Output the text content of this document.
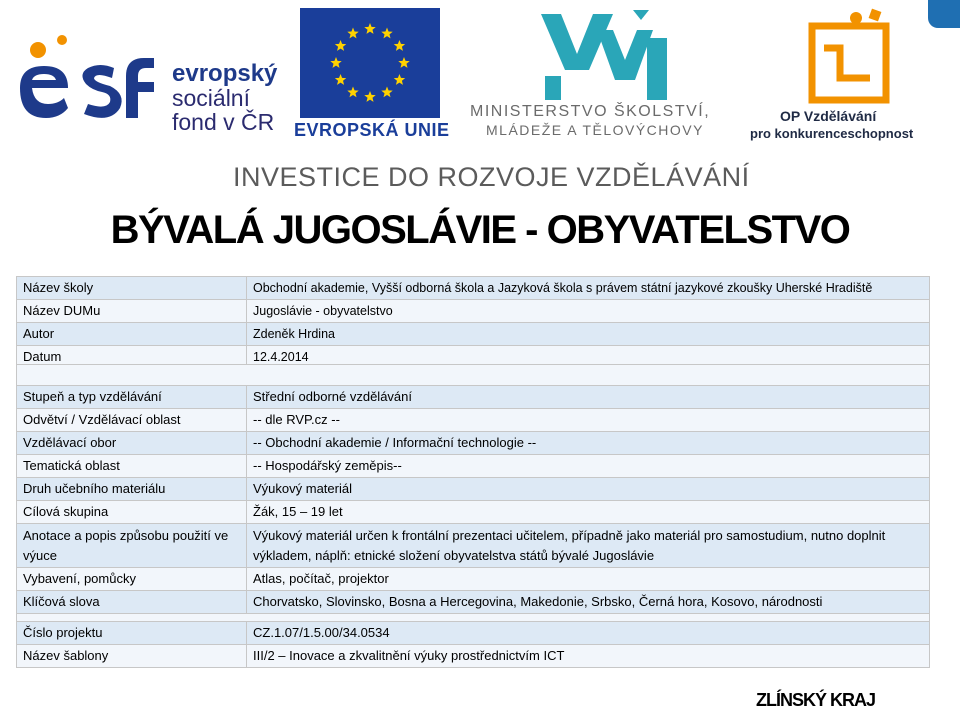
evropský
sociální
fond v ČR EVROPSKÁ UNIE
MINISTERSTVO ŠKOLSTVÍ,
MLÁDEŽE A TĚLOVÝCHOVY
OP Vzdělávání
pro konkurenceschopnost
INVESTICE DO ROZVOJE VZDĚLÁVÁNÍ
BÝVALÁ JUGOSLÁVIE - OBYVATELSTVO
Název školy	Obchodní akademie, Vyšší odborná škola a Jazyková škola s právem státní jazykové zkoušky Uherské Hradiště
Název DUMu	Jugoslávie - obyvatelstvo
Autor	Zdeněk Hrdina
Datum	12.4.2014
Stupeň a typ vzdělávání	Střední odborné vzdělávání
Odvětví / Vzdělávací oblast	-- dle RVP.cz --
Vzdělávací obor	-- Obchodní akademie / Informační technologie --
Tematická oblast	-- Hospodářský zeměpis--
Druh učebního materiálu	Výukový materiál
Cílová skupina	Žák, 15 – 19 let
Anotace a popis způsobu použití ve výuce	Výukový materiál určen k frontální prezentaci učitelem, případně jako materiál pro samostudium, nutno doplnit výkladem, náplň: etnické složení obyvatelstva států bývalé Jugoslávie
Vybavení, pomůcky	Atlas, počítač, projektor
Klíčová slova	Chorvatsko, Slovinsko, Bosna a Hercegovina, Makedonie, Srbsko, Černá hora, Kosovo, národnosti

Číslo projektu	CZ.1.07/1.5.00/34.0534
Název šablony	III/2 – Inovace a zkvalitnění výuky prostřednictvím ICT
ZLÍNSKÝ KRAJ
